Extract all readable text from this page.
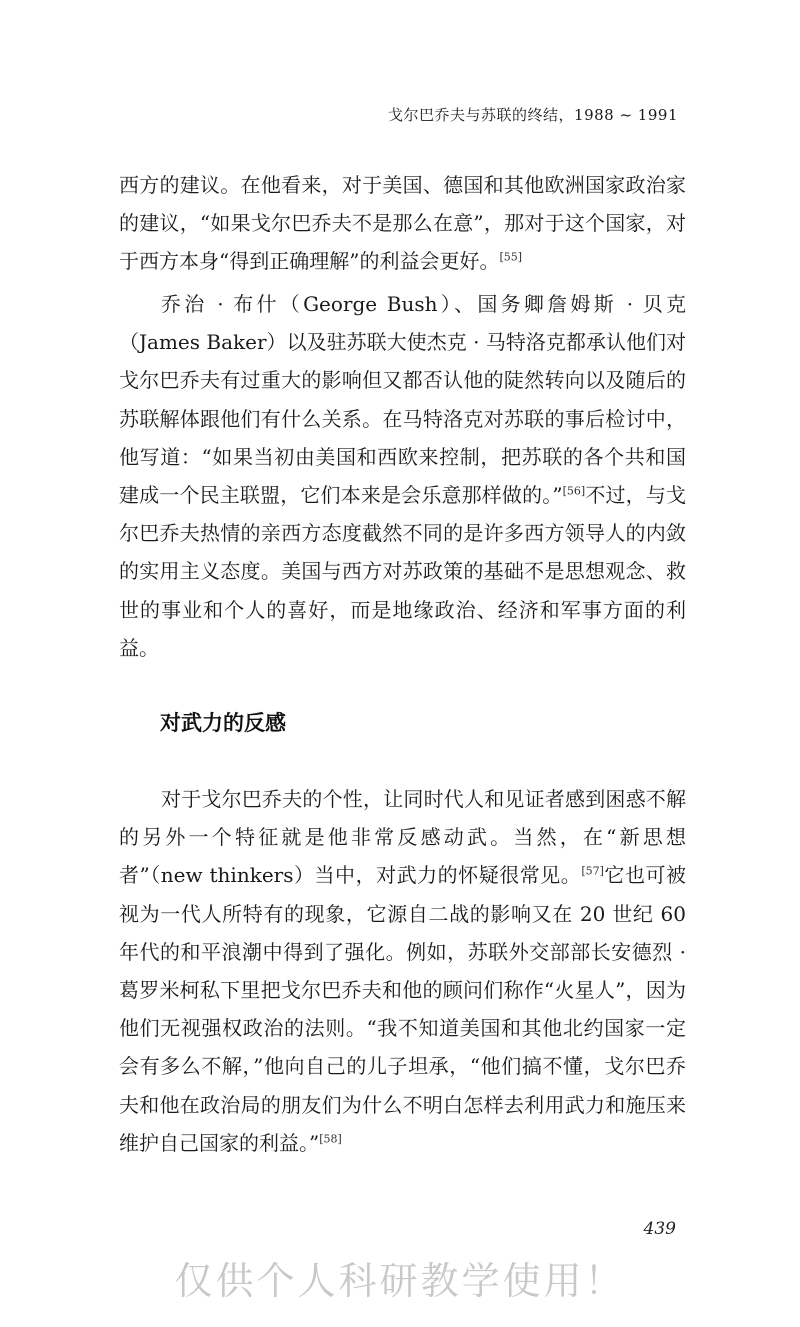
戈尔巴乔夫与苏联的终结，1988 ~ 1991

西方的建议。在他看来，对于美国、德国和其他欧洲国家政治家的建议，“如果戈尔巴乔夫不是那么在意”，那对于这个国家，对于西方本身“得到正确理解”的利益会更好。[55]

乔治 · 布什（George Bush）、国务卿詹姆斯 · 贝克（James Baker）以及驻苏联大使杰克 · 马特洛克都承认他们对戈尔巴乔夫有过重大的影响但又都否认他的陡然转向以及随后的苏联解体跟他们有什么关系。在马特洛克对苏联的事后检讨中，他写道：“如果当初由美国和西欧来控制，把苏联的各个共和国建成一个民主联盟，它们本来是会乐意那样做的。”[56]不过，与戈尔巴乔夫热情的亲西方态度截然不同的是许多西方领导人的内敛的实用主义态度。美国与西方对苏政策的基础不是思想观念、救世的事业和个人的喜好，而是地缘政治、经济和军事方面的利益。

对武力的反感

对于戈尔巴乔夫的个性，让同时代人和见证者感到困惑不解的另外一个特征就是他非常反感动武。当然，在“新思想者”（new thinkers）当中，对武力的怀疑很常见。[57]它也可被视为一代人所特有的现象，它源自二战的影响又在 20 世纪 60 年代的和平浪潮中得到了强化。例如，苏联外交部部长安德烈 · 葛罗米柯私下里把戈尔巴乔夫和他的顾问们称作“火星人”，因为他们无视强权政治的法则。“我不知道美国和其他北约国家一定会有多么不解，”他向自己的儿子坦承，“他们搞不懂，戈尔巴乔夫和他在政治局的朋友们为什么不明白怎样去利用武力和施压来维护自己国家的利益。”[58]

439
仅供个人科研教学使用！
